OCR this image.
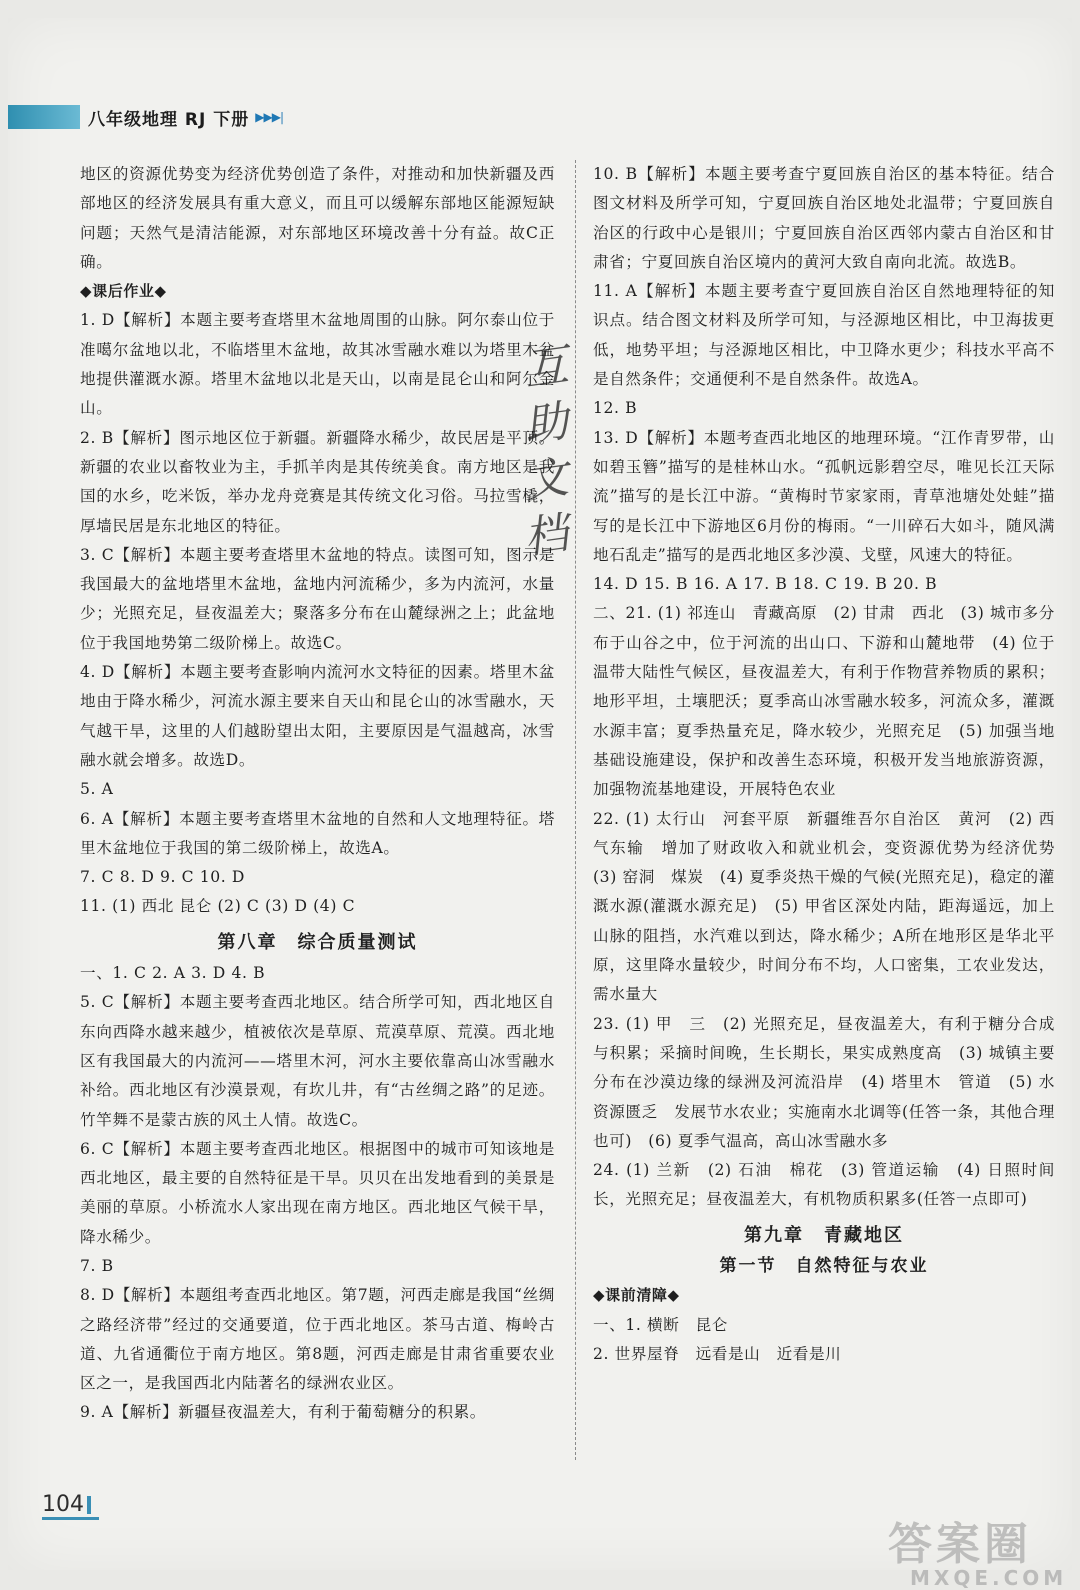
八年级地理 RJ 下册 ▶▶▶|

地区的资源优势变为经济优势创造了条件，对推动和加快新疆及西部地区的经济发展具有重大意义，而且可以缓解东部地区能源短缺问题；天然气是清洁能源，对东部地区环境改善十分有益。故C正确。

◆课后作业◆

1. D【解析】本题主要考查塔里木盆地周围的山脉。阿尔泰山位于准噶尔盆地以北，不临塔里木盆地，故其冰雪融水难以为塔里木盆地提供灌溉水源。塔里木盆地以北是天山，以南是昆仑山和阿尔金山。

2. B【解析】图示地区位于新疆。新疆降水稀少，故民居是平顶。新疆的农业以畜牧业为主，手抓羊肉是其传统美食。南方地区是我国的水乡，吃米饭，举办龙舟竞赛是其传统文化习俗。马拉雪橇，厚墙民居是东北地区的特征。

3. C【解析】本题主要考查塔里木盆地的特点。读图可知，图示是我国最大的盆地塔里木盆地，盆地内河流稀少，多为内流河，水量少；光照充足，昼夜温差大；聚落多分布在山麓绿洲之上；此盆地位于我国地势第二级阶梯上。故选C。

4. D【解析】本题主要考查影响内流河水文特征的因素。塔里木盆地由于降水稀少，河流水源主要来自天山和昆仑山的冰雪融水，天气越干旱，这里的人们越盼望出太阳，主要原因是气温越高，冰雪融水就会增多。故选D。

5. A

6. A【解析】本题主要考查塔里木盆地的自然和人文地理特征。塔里木盆地位于我国的第二级阶梯上，故选A。

7. C 8. D 9. C 10. D

11. (1) 西北 昆仑 (2) C (3) D (4) C

第八章　综合质量测试

一、1. C 2. A 3. D 4. B

5. C【解析】本题主要考查西北地区。结合所学可知，西北地区自东向西降水越来越少，植被依次是草原、荒漠草原、荒漠。西北地区有我国最大的内流河——塔里木河，河水主要依靠高山冰雪融水补给。西北地区有沙漠景观，有坎儿井，有“古丝绸之路”的足迹。竹竿舞不是蒙古族的风土人情。故选C。

6. C【解析】本题主要考查西北地区。根据图中的城市可知该地是西北地区，最主要的自然特征是干旱。贝贝在出发地看到的美景是美丽的草原。小桥流水人家出现在南方地区。西北地区气候干旱，降水稀少。

7. B

8. D【解析】本题组考查西北地区。第7题，河西走廊是我国“丝绸之路经济带”经过的交通要道，位于西北地区。茶马古道、梅岭古道、九省通衢位于南方地区。第8题，河西走廊是甘肃省重要农业区之一，是我国西北内陆著名的绿洲农业区。

9. A【解析】新疆昼夜温差大，有利于葡萄糖分的积累。

10. B【解析】本题主要考查宁夏回族自治区的基本特征。结合图文材料及所学可知，宁夏回族自治区地处北温带；宁夏回族自治区的行政中心是银川；宁夏回族自治区西邻内蒙古自治区和甘肃省；宁夏回族自治区境内的黄河大致自南向北流。故选B。

11. A【解析】本题主要考查宁夏回族自治区自然地理特征的知识点。结合图文材料及所学可知，与泾源地区相比，中卫海拔更低，地势平坦；与泾源地区相比，中卫降水更少；科技水平高不是自然条件；交通便利不是自然条件。故选A。

12. B

13. D【解析】本题考查西北地区的地理环境。“江作青罗带，山如碧玉簪”描写的是桂林山水。“孤帆远影碧空尽，唯见长江天际流”描写的是长江中游。“黄梅时节家家雨，青草池塘处处蛙”描写的是长江中下游地区6月份的梅雨。“一川碎石大如斗，随风满地石乱走”描写的是西北地区多沙漠、戈壁，风速大的特征。

14. D 15. B 16. A 17. B 18. C 19. B 20. B

二、21. (1) 祁连山　青藏高原　(2) 甘肃　西北　(3) 城市多分布于山谷之中，位于河流的出山口、下游和山麓地带　(4) 位于温带大陆性气候区，昼夜温差大，有利于作物营养物质的累积；地形平坦，土壤肥沃；夏季高山冰雪融水较多，河流众多，灌溉水源丰富；夏季热量充足，降水较少，光照充足　(5) 加强当地基础设施建设，保护和改善生态环境，积极开发当地旅游资源，加强物流基地建设，开展特色农业

22. (1) 太行山　河套平原　新疆维吾尔自治区　黄河　(2) 西气东输　增加了财政收入和就业机会，变资源优势为经济优势　(3) 窑洞　煤炭　(4) 夏季炎热干燥的气候(光照充足)，稳定的灌溉水源(灌溉水源充足)　(5) 甲省区深处内陆，距海遥远，加上山脉的阻挡，水汽难以到达，降水稀少；A所在地形区是华北平原，这里降水量较少，时间分布不均，人口密集，工农业发达，需水量大

23. (1) 甲　三　(2) 光照充足，昼夜温差大，有利于糖分合成与积累；采摘时间晚，生长期长，果实成熟度高　(3) 城镇主要分布在沙漠边缘的绿洲及河流沿岸　(4) 塔里木　管道　(5) 水资源匮乏　发展节水农业；实施南水北调等(任答一条，其他合理也可)　(6) 夏季气温高，高山冰雪融水多

24. (1) 兰新　(2) 石油　棉花　(3) 管道运输　(4) 日照时间长，光照充足；昼夜温差大，有机物质积累多(任答一点即可)

第九章　青藏地区
第一节　自然特征与农业
◆课前清障◆

一、1. 横断　昆仑

2. 世界屋脊　远看是山　近看是川

互
助
文
档
104
答案圈
MXQE.COM
